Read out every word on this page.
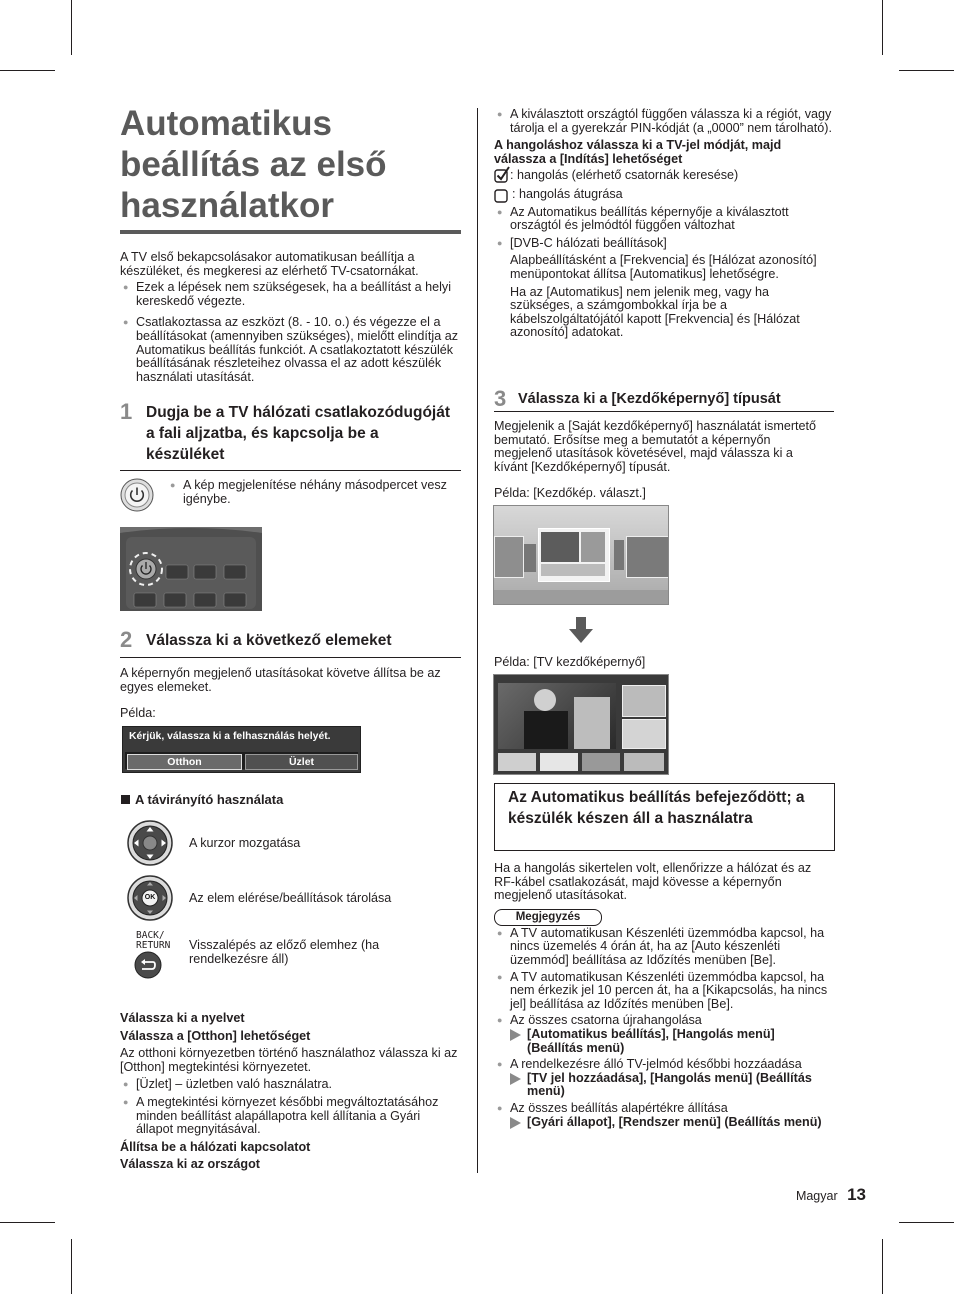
Automatikus
beállítás az első
használatkor

A TV első bekapcsolásakor automatikusan beállítja a készüléket, és megkeresi az elérhető TV-csatornákat.

● Ezek a lépések nem szükségesek, ha a beállítást a helyi kereskedő végezte.

● Csatlakoztassa az eszközt (8. - 10. o.) és végezze el a beállításokat (amennyiben szükséges), mielőtt elindítja az Automatikus beállítás funkciót. A csatlakoztatott készülék beállításának részleteihez olvassa el az adott készülék használati utasítását.

1 Dugja be a TV hálózati csatlakozódugóját a fali aljzatba, és kapcsolja be a készüléket

● A kép megjelenítése néhány másodpercet vesz igénybe.

2 Válassza ki a következő elemeket

A képernyőn megjelenő utasításokat követve állítsa be az egyes elemeket.

Példa:

Kérjük, válassza ki a felhasználás helyét.
Otthon	Üzlet
A távirányító használata
A kurzor mozgatása
OK	Az elem elérése/beállítások tárolása
BACK/
RETURN Visszalépés az előző elemhez (ha rendelkezésre áll)

Válassza ki a nyelvet

Válassza a [Otthon] lehetőséget

Az otthoni környezetben történő használathoz válassza ki az [Otthon] megtekintési környezetet.

● [Üzlet] – üzletben való használatra.

● A megtekintési környezet későbbi megváltoztatásához minden beállítást alapállapotra kell állítania a Gyári állapot megnyitásával.

Állítsa be a hálózati kapcsolatot

Válassza ki az országot

● A kiválasztott országtól függően válassza ki a régiót, vagy tárolja el a gyerekzár PIN-kódját (a „0000” nem tárolható).

A hangoláshoz válassza ki a TV-jel módját, majd válassza a [Indítás] lehetőséget

: hangolás (elérhető csatornák keresése)
: hangolás átugrása

● Az Automatikus beállítás képernyője a kiválasztott országtól és jelmódtól függően változhat

● [DVB-C hálózati beállítások]

Alapbeállításként a [Frekvencia] és [Hálózat azonosító] menüpontokat állítsa [Automatikus] lehetőségre.

Ha az [Automatikus] nem jelenik meg, vagy ha szükséges, a számgombokkal írja be a kábelszolgáltatójától kapott [Frekvencia] és [Hálózat azonosító] adatokat.

3 Válassza ki a [Kezdőképernyő] típusát

Megjelenik a [Saját kezdőképernyő] használatát ismertető bemutató. Erősítse meg a bemutatót a képernyőn megjelenő utasítások követésével, majd válassza ki a kívánt [Kezdőképernyő] típusát.

Példa: [Kezdőkép. választ.]

Példa: [TV kezdőképernyő]
Az Automatikus beállítás befejeződött; a készülék készen áll a használatra

Ha a hangolás sikertelen volt, ellenőrizze a hálózat és az RF-kábel csatlakozását, majd kövesse a képernyőn megjelenő utasításokat.

Megjegyzés

● A TV automatikusan Készenléti üzemmódba kapcsol, ha nincs üzemelés 4 órán át, ha az [Auto készenléti üzemmód] beállítása az Időzítés menüben [Be].

● A TV automatikusan Készenléti üzemmódba kapcsol, ha nem érkezik jel 10 percen át, ha a [Kikapcsolás, ha nincs jel] beállítása az Időzítés menüben [Be].

● Az összes csatorna újrahangolása

[Automatikus beállítás], [Hangolás menü] (Beállítás menü)

● A rendelkezésre álló TV-jelmód későbbi hozzáadása

[TV jel hozzáadása], [Hangolás menü] (Beállítás menü)

● Az összes beállítás alapértékre állítása

[Gyári állapot], [Rendszer menü] (Beállítás menü)

Magyar 13
